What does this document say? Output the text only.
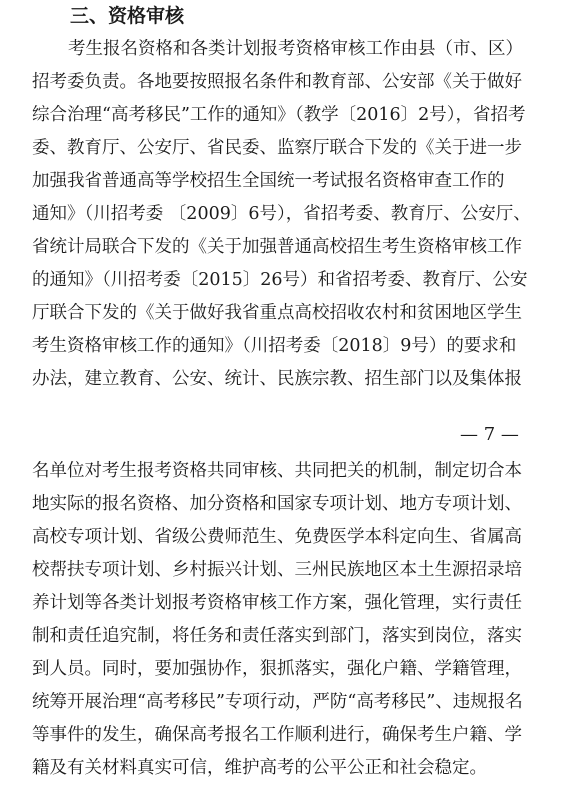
三、资格审核
考生报名资格和各类计划报考资格审核工作由县（市、区）
招考委负责。各地要按照报名条件和教育部、公安部《关于做好
综合治理“高考移民”工作的通知》（教学〔2016〕2号），省招考
委、教育厅、公安厅、省民委、监察厅联合下发的《关于进一步
加强我省普通高等学校招生全国统一考试报名资格审查工作的
通知》（川招考委 〔2009〕6号），省招考委、教育厅、公安厅、
省统计局联合下发的《关于加强普通高校招生考生资格审核工作
的通知》（川招考委〔2015〕26号）和省招考委、教育厅、公安
厅联合下发的《关于做好我省重点高校招收农村和贫困地区学生
考生资格审核工作的通知》（川招考委〔2018〕9号）的要求和
办法，建立教育、公安、统计、民族宗教、招生部门以及集体报
— 7 —
名单位对考生报考资格共同审核、共同把关的机制，制定切合本
地实际的报名资格、加分资格和国家专项计划、地方专项计划、
高校专项计划、省级公费师范生、免费医学本科定向生、省属高
校帮扶专项计划、乡村振兴计划、三州民族地区本土生源招录培
养计划等各类计划报考资格审核工作方案，强化管理，实行责任
制和责任追究制，将任务和责任落实到部门，落实到岗位，落实
到人员。同时，要加强协作，狠抓落实，强化户籍、学籍管理，
统筹开展治理“高考移民”专项行动，严防“高考移民”、违规报名
等事件的发生，确保高考报名工作顺利进行，确保考生户籍、学
籍及有关材料真实可信，维护高考的公平公正和社会稳定。
